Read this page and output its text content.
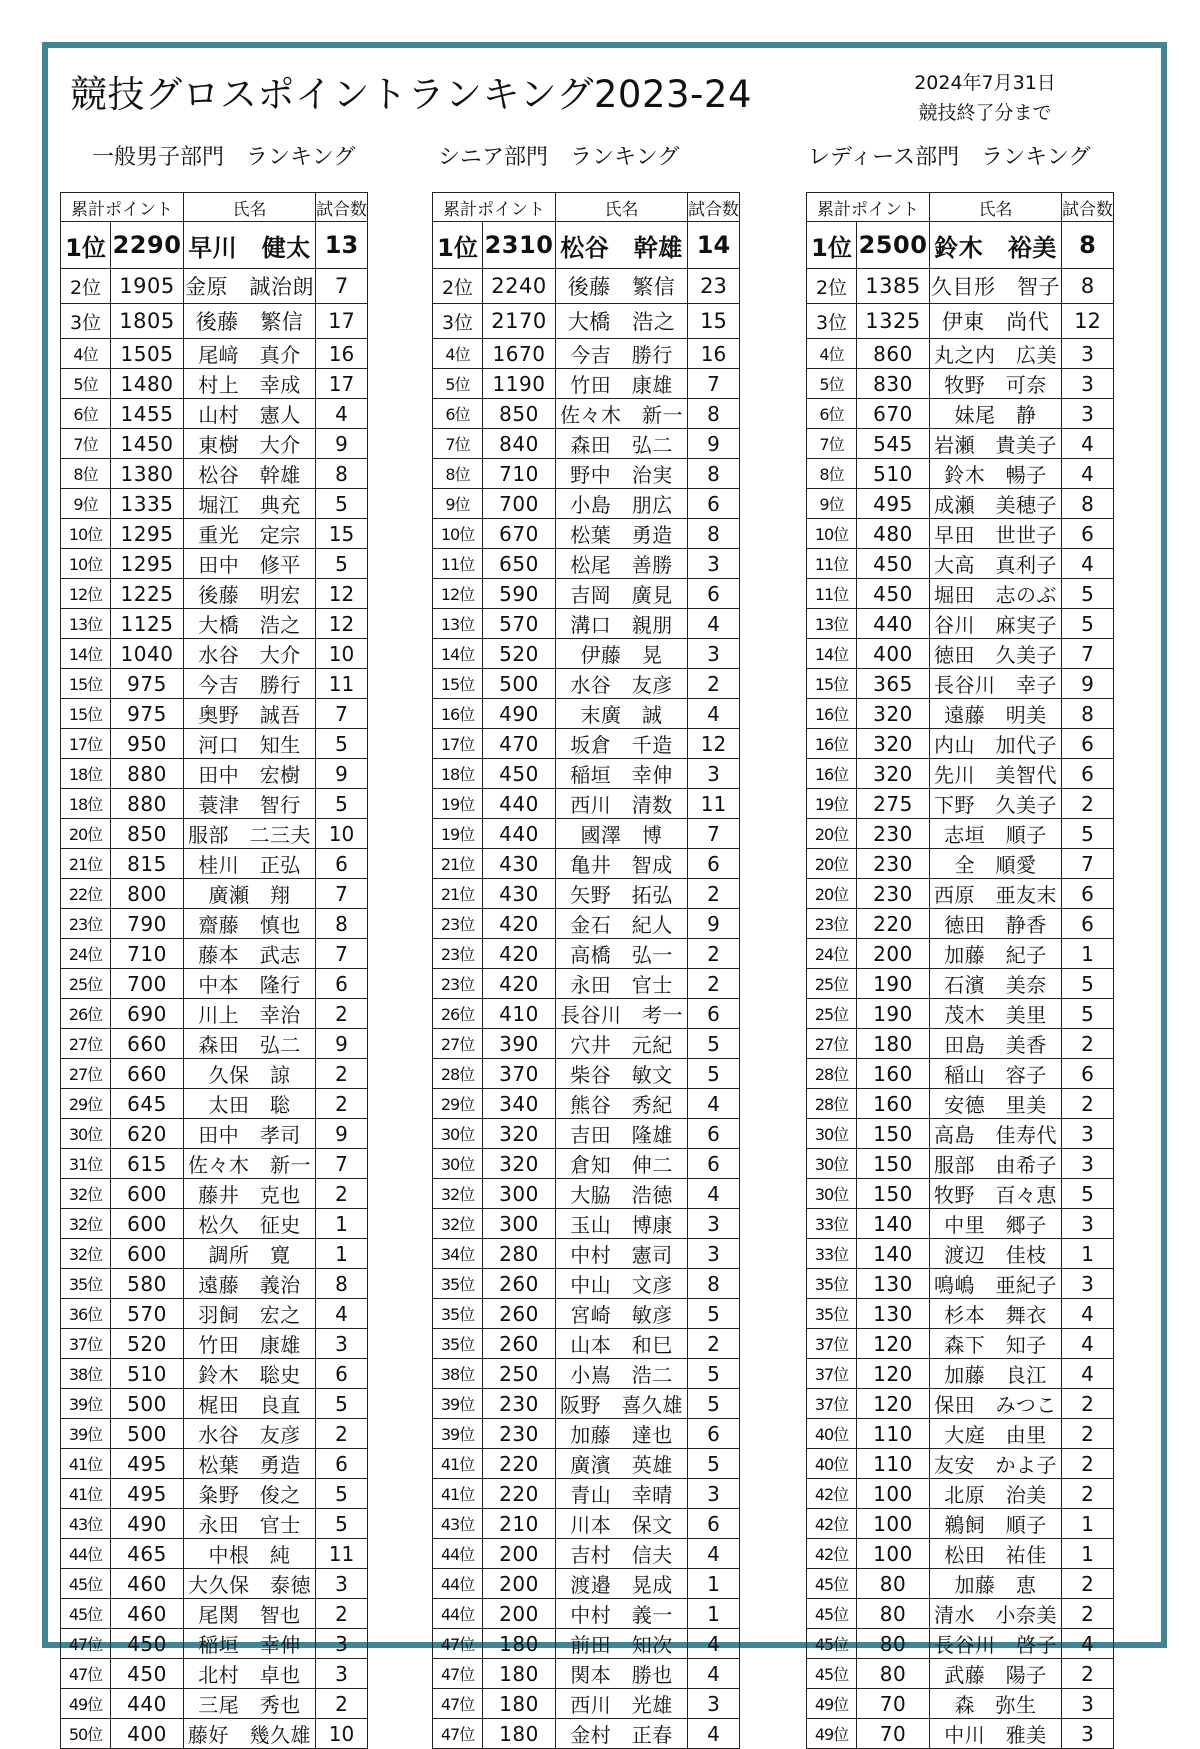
競技グロスポイントランキング2023-24	2024年7月31日
競技終了分まで
一般男子部門　ランキング	シニア部門　ランキング	レディース部門　ランキング
累計ポイント		氏名	試合数
1位	2290	早川　健太	13
2位	1905	金原　誠治朗	7
3位	1805	後藤　繁信	17
4位	1505	尾﨑　真介	16
5位	1480	村上　幸成	17
6位	1455	山村　憲人	4
7位	1450	東樹　大介	9
8位	1380	松谷　幹雄	8
9位	1335	堀江　典充	5
10位	1295	重光　定宗	15
10位	1295	田中　修平	5
12位	1225	後藤　明宏	12
13位	1125	大橋　浩之	12
14位	1040	水谷　大介	10
15位	975	今吉　勝行	11
15位	975	奥野　誠吾	7
17位	950	河口　知生	5
18位	880	田中　宏樹	9
18位	880	蓑津　智行	5
20位	850	服部　二三夫	10
21位	815	桂川　正弘	6
22位	800	廣瀬　翔	7
23位	790	齋藤　慎也	8
24位	710	藤本　武志	7
25位	700	中本　隆行	6
26位	690	川上　幸治	2
27位	660	森田　弘二	9
27位	660	久保　諒	2
29位	645	太田　聡	2
30位	620	田中　孝司	9
31位	615	佐々木　新一	7
32位	600	藤井　克也	2
32位	600	松久　征史	1
32位	600	調所　寛	1
35位	580	遠藤　義治	8
36位	570	羽飼　宏之	4
37位	520	竹田　康雄	3
38位	510	鈴木　聡史	6
39位	500	梶田　良直	5
39位	500	水谷　友彦	2
41位	495	松葉　勇造	6
41位	495	粂野　俊之	5
43位	490	永田　官士	5
44位	465	中根　純	11
45位	460	大久保　泰徳	3
45位	460	尾関　智也	2
47位	450	稲垣　幸伸	3
47位	450	北村　卓也	3
49位	440	三尾　秀也	2
50位	400	藤好　幾久雄	10
累計ポイント		氏名	試合数
1位	2310	松谷　幹雄	14
2位	2240	後藤　繁信	23
3位	2170	大橋　浩之	15
4位	1670	今吉　勝行	16
5位	1190	竹田　康雄	7
6位	850	佐々木　新一	8
7位	840	森田　弘二	9
8位	710	野中　治実	8
9位	700	小島　朋広	6
10位	670	松葉　勇造	8
11位	650	松尾　善勝	3
12位	590	吉岡　廣見	6
13位	570	溝口　親朋	4
14位	520	伊藤　晃	3
15位	500	水谷　友彦	2
16位	490	末廣　誠	4
17位	470	坂倉　千造	12
18位	450	稲垣　幸伸	3
19位	440	西川　清数	11
19位	440	國澤　博	7
21位	430	亀井　智成	6
21位	430	矢野　拓弘	2
23位	420	金石　紀人	9
23位	420	高橋　弘一	2
23位	420	永田　官士	2
26位	410	長谷川　考一	6
27位	390	穴井　元紀	5
28位	370	柴谷　敏文	5
29位	340	熊谷　秀紀	4
30位	320	吉田　隆雄	6
30位	320	倉知　伸二	6
32位	300	大脇　浩徳	4
32位	300	玉山　博康	3
34位	280	中村　憲司	3
35位	260	中山　文彦	8
35位	260	宮崎　敏彦	5
35位	260	山本　和巳	2
38位	250	小嶌　浩二	5
39位	230	阪野　喜久雄	5
39位	230	加藤　達也	6
41位	220	廣濱　英雄	5
41位	220	青山　幸晴	3
43位	210	川本　保文	6
44位	200	吉村　信夫	4
44位	200	渡邉　晃成	1
44位	200	中村　義一	1
47位	180	前田　知次	4
47位	180	関本　勝也	4
47位	180	西川　光雄	3
47位	180	金村　正春	4
累計ポイント		氏名	試合数
1位	2500	鈴木　裕美	8
2位	1385	久目形　智子	8
3位	1325	伊東　尚代	12
4位	860	丸之内　広美	3
5位	830	牧野　可奈	3
6位	670	妹尾　静	3
7位	545	岩瀬　貴美子	4
8位	510	鈴木　暢子	4
9位	495	成瀬　美穂子	8
10位	480	早田　世世子	6
11位	450	大高　真利子	4
11位	450	堀田　志のぶ	5
13位	440	谷川　麻実子	5
14位	400	徳田　久美子	7
15位	365	長谷川　幸子	9
16位	320	遠藤　明美	8
16位	320	内山　加代子	6
16位	320	先川　美智代	6
19位	275	下野　久美子	2
20位	230	志垣　順子	5
20位	230	全　順愛	7
20位	230	西原　亜友末	6
23位	220	徳田　静香	6
24位	200	加藤　紀子	1
25位	190	石濱　美奈	5
25位	190	茂木　美里	5
27位	180	田島　美香	2
28位	160	稲山　容子	6
28位	160	安德　里美	2
30位	150	高島　佳寿代	3
30位	150	服部　由希子	3
30位	150	牧野　百々恵	5
33位	140	中里　郷子	3
33位	140	渡辺　佳枝	1
35位	130	鳴嶋　亜紀子	3
35位	130	杉本　舞衣	4
37位	120	森下　知子	4
37位	120	加藤　良江	4
37位	120	保田　みつこ	2
40位	110	大庭　由里	2
40位	110	友安　かよ子	2
42位	100	北原　治美	2
42位	100	鵜飼　順子	1
42位	100	松田　祐佳	1
45位	80	加藤　恵	2
45位	80	清水　小奈美	2
45位	80	長谷川　啓子	4
45位	80	武藤　陽子	2
49位	70	森　弥生	3
49位	70	中川　雅美	3
